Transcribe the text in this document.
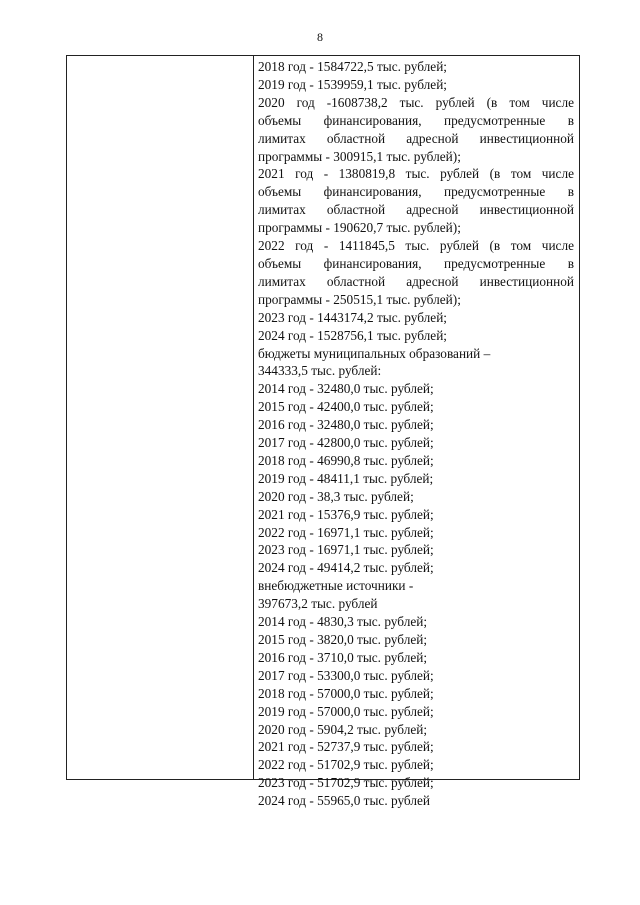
8
2018 год - 1584722,5 тыс. рублей;
2019 год - 1539959,1 тыс. рублей;
2020 год -1608738,2 тыс. рублей (в том числе
объемы финансирования, предусмотренные в
лимитах областной адресной инвестиционной
программы - 300915,1 тыс. рублей);
2021 год - 1380819,8 тыс. рублей (в том числе
объемы финансирования, предусмотренные в
лимитах областной адресной инвестиционной
программы - 190620,7 тыс. рублей);
2022 год - 1411845,5 тыс. рублей (в том числе
объемы финансирования, предусмотренные в
лимитах областной адресной инвестиционной
программы - 250515,1 тыс. рублей);
2023 год - 1443174,2 тыс. рублей;
2024 год - 1528756,1 тыс. рублей;
бюджеты муниципальных образований –
344333,5 тыс. рублей:
2014 год - 32480,0 тыс. рублей;
2015 год - 42400,0 тыс. рублей;
2016 год - 32480,0 тыс. рублей;
2017 год - 42800,0 тыс. рублей;
2018 год - 46990,8 тыс. рублей;
2019 год - 48411,1 тыс. рублей;
2020 год - 38,3 тыс. рублей;
2021 год - 15376,9 тыс. рублей;
2022 год - 16971,1 тыс. рублей;
2023 год - 16971,1 тыс. рублей;
2024 год - 49414,2 тыс. рублей;
внебюджетные источники -
397673,2 тыс. рублей
2014 год - 4830,3 тыс. рублей;
2015 год - 3820,0 тыс. рублей;
2016 год - 3710,0 тыс. рублей;
2017 год - 53300,0 тыс. рублей;
2018 год - 57000,0 тыс. рублей;
2019 год - 57000,0 тыс. рублей;
2020 год - 5904,2 тыс. рублей;
2021 год - 52737,9 тыс. рублей;
2022 год - 51702,9 тыс. рублей;
2023 год - 51702,9 тыс. рублей;
2024 год - 55965,0 тыс. рублей
